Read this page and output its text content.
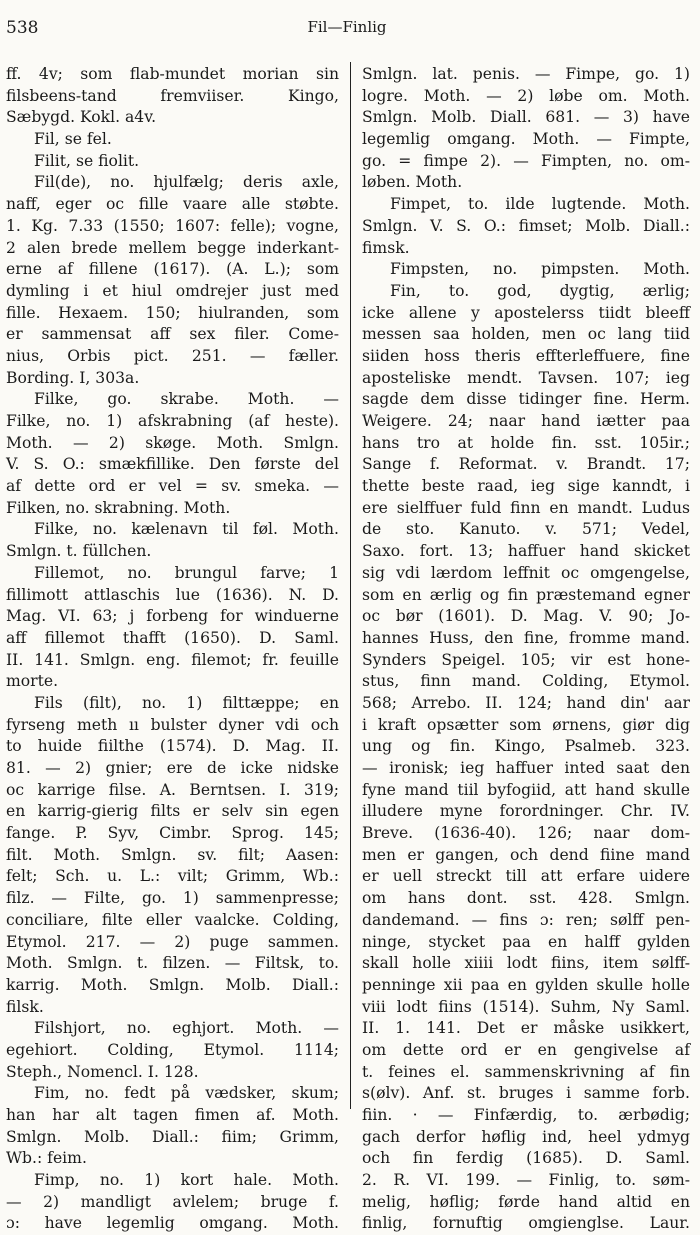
538	Fil—Finlig
ff. 4v; som flab-mundet morian sin
filsbeens-tand fremviiser. Kingo,
Sæbygd. Kokl. a4v.
Fil, se fel.
Filit, se fiolit.
Fil(de), no. hjulfælg; deris axle,
naff, eger oc fille vaare alle støbte.
1. Kg. 7.33 (1550; 1607: felle); vogne,
2 alen brede mellem begge inderkant-
erne af fillene (1617). (A. L.); som
dymling i et hiul omdrejer just med
fille. Hexaem. 150; hiulranden, som
er sammensat aff sex filer. Come-
nius, Orbis pict. 251. — fæller.
Bording. I, 303a.
Filke, go. skrabe. Moth. —
Filke, no. 1) afskrabning (af heste).
Moth. — 2) skøge. Moth. Smlgn.
V. S. O.: smækfillike. Den første del
af dette ord er vel = sv. smeka. —
Filken, no. skrabning. Moth.
Filke, no. kælenavn til føl. Moth.
Smlgn. t. füllchen.
Fillemot, no. brungul farve; 1
fillimott attlaschis lue (1636). N. D.
Mag. VI. 63; j forbeng for winduerne
aff fillemot thafft (1650). D. Saml.
II. 141. Smlgn. eng. filemot; fr. feuille
morte.
Fils (filt), no. 1) filttæppe; en
fyrseng meth ıı bulster dyner vdi och
to huide fiilthe (1574). D. Mag. II.
81. — 2) gnier; ere de icke nidske
oc karrige filse. A. Berntsen. I. 319;
en karrig-gierig filts er selv sin egen
fange. P. Syv, Cimbr. Sprog. 145;
filt. Moth. Smlgn. sv. filt; Aasen:
felt; Sch. u. L.: vilt; Grimm, Wb.:
filz. — Filte, go. 1) sammenpresse;
conciliare, filte eller vaalcke. Colding,
Etymol. 217. — 2) puge sammen.
Moth. Smlgn. t. filzen. — Filtsk, to.
karrig. Moth. Smlgn. Molb. Diall.:
filsk.
Filshjort, no. eghjort. Moth. —
egehiort. Colding, Etymol. 1114;
Steph., Nomencl. I. 128.
Fim, no. fedt på vædsker, skum;
han har alt tagen fimen af. Moth.
Smlgn. Molb. Diall.: fiim; Grimm,
Wb.: feim.
Fimp, no. 1) kort hale. Moth.
— 2) mandligt avlelem; bruge f.
ɔ: have legemlig omgang. Moth.
Smlgn. lat. penis. — Fimpe, go. 1)
logre. Moth. — 2) løbe om. Moth.
Smlgn. Molb. Diall. 681. — 3) have
legemlig omgang. Moth. — Fimpte,
go. = fimpe 2). — Fimpten, no. om-
løben. Moth.
Fimpet, to. ilde lugtende. Moth.
Smlgn. V. S. O.: fimset; Molb. Diall.:
fimsk.
Fimpsten, no. pimpsten. Moth.
Fin, to. god, dygtig, ærlig;
icke allene y apostelerss tiidt bleeff
messen saa holden, men oc lang tiid
siiden hoss theris effterleffuere, fine
aposteliske mendt. Tavsen. 107; ieg
sagde dem disse tidinger fine. Herm.
Weigere. 24; naar hand iætter paa
hans tro at holde fin. sst. 105ir.;
Sange f. Reformat. v. Brandt. 17;
thette beste raad, ieg sige kanndt, i
ere sielffuer fuld finn en mandt. Ludus
de sto. Kanuto. v. 571; Vedel,
Saxo. fort. 13; haffuer hand skicket
sig vdi lærdom leffnit oc omgengelse,
som en ærlig og fin præstemand egner
oc bør (1601). D. Mag. V. 90; Jo-
hannes Huss, den fine, fromme mand.
Synders Speigel. 105; vir est hone-
stus, finn mand. Colding, Etymol.
568; Arrebo. II. 124; hand din' aar
i kraft opsætter som ørnens, giør dig
ung og fin. Kingo, Psalmeb. 323.
— ironisk; ieg haffuer inted saat den
fyne mand tiil byfogiid, att hand skulle
illudere myne forordninger. Chr. IV.
Breve. (1636-40). 126; naar dom-
men er gangen, och dend fiine mand
er uell streckt till att erfare uidere
om hans dont. sst. 428. Smlgn.
dandemand. — fins ɔ: ren; sølff pen-
ninge, stycket paa en halff gylden
skall holle xiiii lodt fiins, item sølff-
penninge xii paa en gylden skulle holle
viii lodt fiins (1514). Suhm, Ny Saml.
II. 1. 141. Det er måske usikkert,
om dette ord er en gengivelse af
t. feines el. sammenskrivning af fin
s(ølv). Anf. st. bruges i samme forb.
fiin. · — Finfærdig, to. ærbødig;
gach derfor høflig ind, heel ydmyg
och fin ferdig (1685). D. Saml.
2. R. VI. 199. — Finlig, to. søm-
melig, høflig; førde hand altid en
finlig, fornuftig omgienglse. Laur.
